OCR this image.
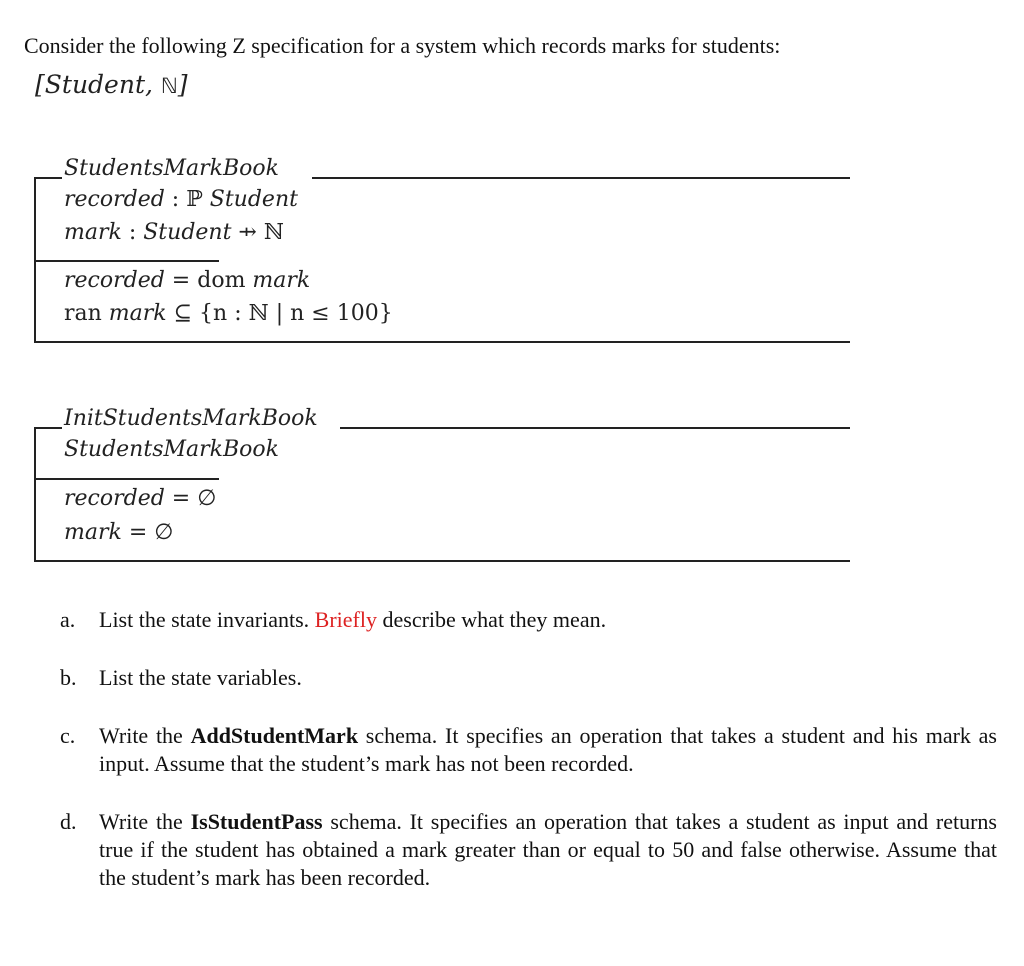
Consider the following Z specification for a system which records marks for students:
[Student, ℕ]
StudentsMarkBook
recorded : ℙ Student
mark : Student ⇸ ℕ
recorded = dom mark
ran mark ⊆ {n : ℕ | n ≤ 100}
InitStudentsMarkBook
StudentsMarkBook
recorded = ∅
mark = ∅
a. List the state invariants. Briefly describe what they mean.
b. List the state variables.
c. Write the AddStudentMark schema. It specifies an operation that takes a student and his mark as input. Assume that the student’s mark has not been recorded.
d. Write the IsStudentPass schema. It specifies an operation that takes a student as input and returns true if the student has obtained a mark greater than or equal to 50 and false otherwise. Assume that the student’s mark has been recorded.
